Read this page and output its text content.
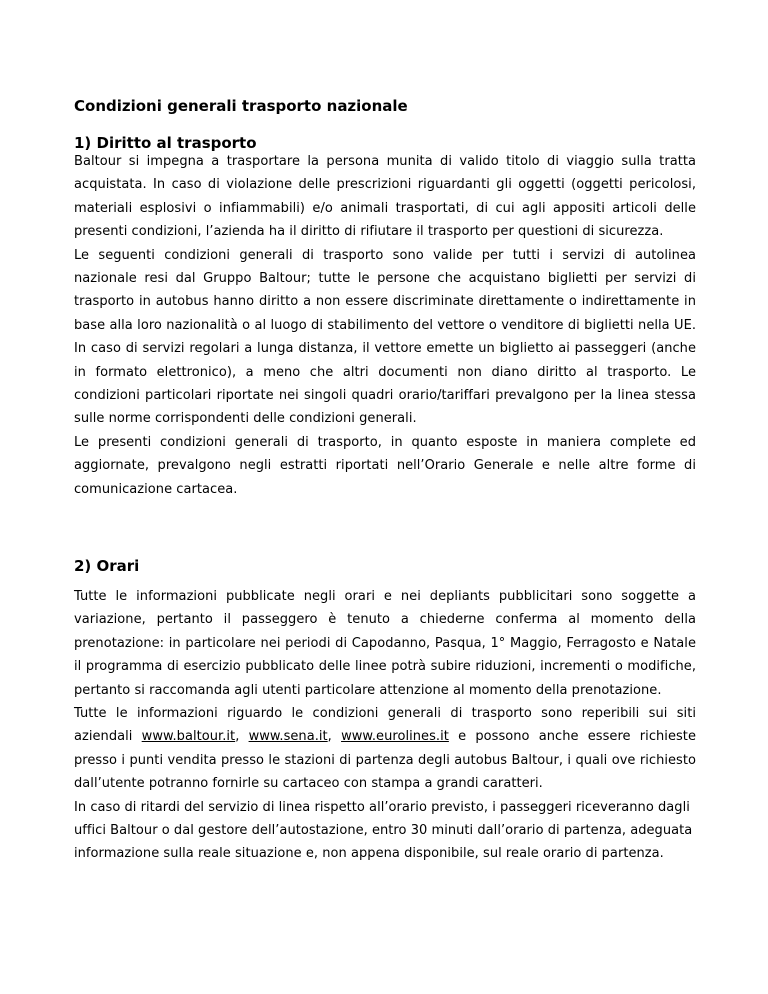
Condizioni generali trasporto nazionale
1) Diritto al trasporto

Baltour si impegna a trasportare la persona munita di valido titolo di viaggio sulla tratta acquistata. In caso di violazione delle prescrizioni riguardanti gli oggetti (oggetti pericolosi, materiali esplosivi o infiammabili) e/o animali trasportati, di cui agli appositi articoli delle presenti condizioni, l’azienda ha il diritto di rifiutare il trasporto per questioni di sicurezza.

Le seguenti condizioni generali di trasporto sono valide per tutti i servizi di autolinea nazionale resi dal Gruppo Baltour; tutte le persone che acquistano biglietti per servizi di trasporto in autobus hanno diritto a non essere discriminate direttamente o indirettamente in base alla loro nazionalità o al luogo di stabilimento del vettore o venditore di biglietti nella UE. In caso di servizi regolari a lunga distanza, il vettore emette un biglietto ai passeggeri (anche in formato elettronico), a meno che altri documenti non diano diritto al trasporto. Le condizioni particolari riportate nei singoli quadri orario/tariffari prevalgono per la linea stessa sulle norme corrispondenti delle condizioni generali.

Le presenti condizioni generali di trasporto, in quanto esposte in maniera complete ed aggiornate, prevalgono negli estratti riportati nell’Orario Generale e nelle altre forme di comunicazione cartacea.

2) Orari

Tutte le informazioni pubblicate negli orari e nei depliants pubblicitari sono soggette a variazione, pertanto il passeggero è tenuto a chiederne conferma al momento della prenotazione: in particolare nei periodi di Capodanno, Pasqua, 1° Maggio, Ferragosto e Natale il programma di esercizio pubblicato delle linee potrà subire riduzioni, incrementi o modifiche, pertanto si raccomanda agli utenti particolare attenzione al momento della prenotazione.

Tutte le informazioni riguardo le condizioni generali di trasporto sono reperibili sui siti aziendali www.baltour.it, www.sena.it, www.eurolines.it e possono anche essere richieste presso i punti vendita presso le stazioni di partenza degli autobus Baltour, i quali ove richiesto dall’utente potranno fornirle su cartaceo con stampa a grandi caratteri.

In caso di ritardi del servizio di linea rispetto all’orario previsto, i passeggeri riceveranno dagli uffici Baltour o dal gestore dell’autostazione, entro 30 minuti dall’orario di partenza, adeguata informazione sulla reale situazione e, non appena disponibile, sul reale orario di partenza.
